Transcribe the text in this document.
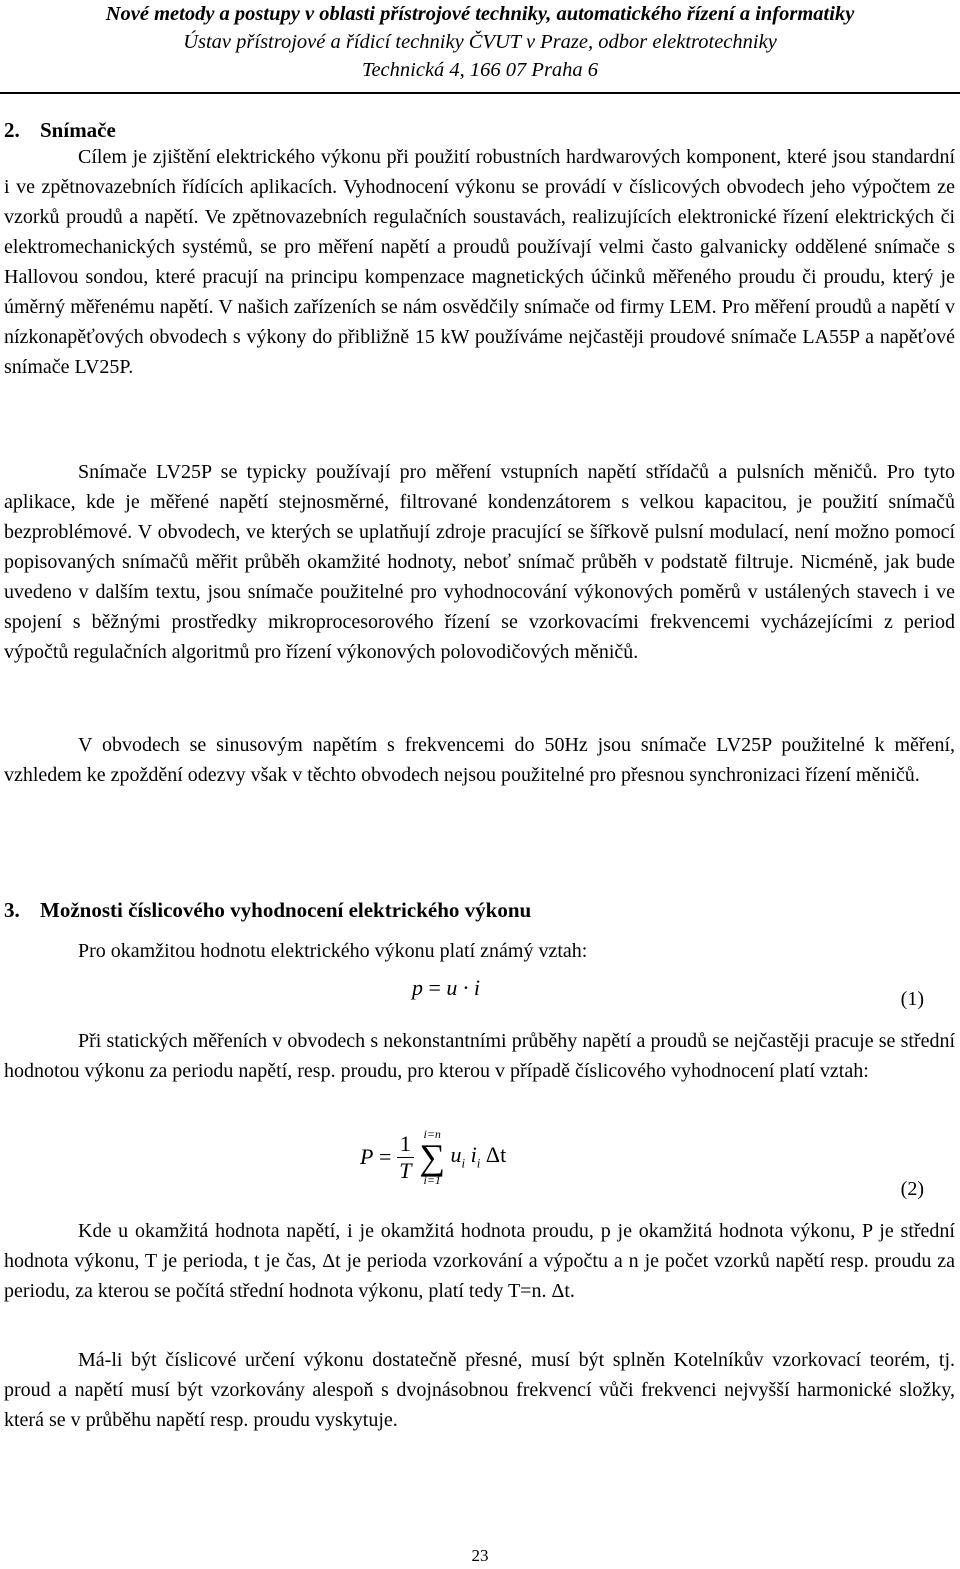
Nové metody a postupy v oblasti přístrojové techniky, automatického řízení a informatiky
Ústav přístrojové a řídicí techniky ČVUT v Praze, odbor elektrotechniky
Technická 4, 166 07 Praha 6
2. Snímače

Cílem je zjištění elektrického výkonu při použití robustních hardwarových komponent, které jsou standardní i ve zpětnovazebních řídících aplikacích. Vyhodnocení výkonu se provádí v číslicových obvodech jeho výpočtem ze vzorků proudů a napětí. Ve zpětnovazebních regulačních soustavách, realizujících elektronické řízení elektrických či elektromechanických systémů, se pro měření napětí a proudů používají velmi často galvanicky oddělené snímače s Hallovou sondou, které pracují na principu kompenzace magnetických účinků měřeného proudu či proudu, který je úměrný měřenému napětí. V našich zařízeních se nám osvědčily snímače od firmy LEM. Pro měření proudů a napětí v nízkonapěťových obvodech s výkony do přibližně 15 kW používáme nejčastěji proudové snímače LA55P a napěťové snímače LV25P.

Snímače LV25P se typicky používají pro měření vstupních napětí střídačů a pulsních měničů. Pro tyto aplikace, kde je měřené napětí stejnosměrné, filtrované kondenzátorem s velkou kapacitou, je použití snímačů bezproblémové. V obvodech, ve kterých se uplatňují zdroje pracující se šířkově pulsní modulací, není možno pomocí popisovaných snímačů měřit průběh okamžité hodnoty, neboť snímač průběh v podstatě filtruje. Nicméně, jak bude uvedeno v dalším textu, jsou snímače použitelné pro vyhodnocování výkonových poměrů v ustálených stavech i ve spojení s běžnými prostředky mikroprocesorového řízení se vzorkovacími frekvencemi vycházejícími z period výpočtů regulačních algoritmů pro řízení výkonových polovodičových měničů.

V obvodech se sinusovým napětím s frekvencemi do 50Hz jsou snímače LV25P použitelné k měření, vzhledem ke zpoždění odezvy však v těchto obvodech nejsou použitelné pro přesnou synchronizaci řízení měničů.

3. Možnosti číslicového vyhodnocení elektrického výkonu

Pro okamžitou hodnotu elektrického výkonu platí známý vztah:

p = u · i	(1)

Při statických měřeních v obvodech s nekonstantními průběhy napětí a proudů se nejčastěji pracuje se střední hodnotou výkonu za periodu napětí, resp. proudu, pro kterou v případě číslicového vyhodnocení platí vztah:

$P = \frac{1}{T}$
i=n
∑
i=1
$u_i$ $i_i$ Δt
(2)

Kde u okamžitá hodnota napětí, i je okamžitá hodnota proudu, p je okamžitá hodnota výkonu, P je střední hodnota výkonu, T je perioda, t je čas, Δt je perioda vzorkování a výpočtu a n je počet vzorků napětí resp. proudu za periodu, za kterou se počítá střední hodnota výkonu, platí tedy T=n. Δt.

Má-li být číslicové určení výkonu dostatečně přesné, musí být splněn Kotelníkův vzorkovací teorém, tj. proud a napětí musí být vzorkovány alespoň s dvojnásobnou frekvencí vůči frekvenci nejvyšší harmonické složky, která se v průběhu napětí resp. proudu vyskytuje.

23
